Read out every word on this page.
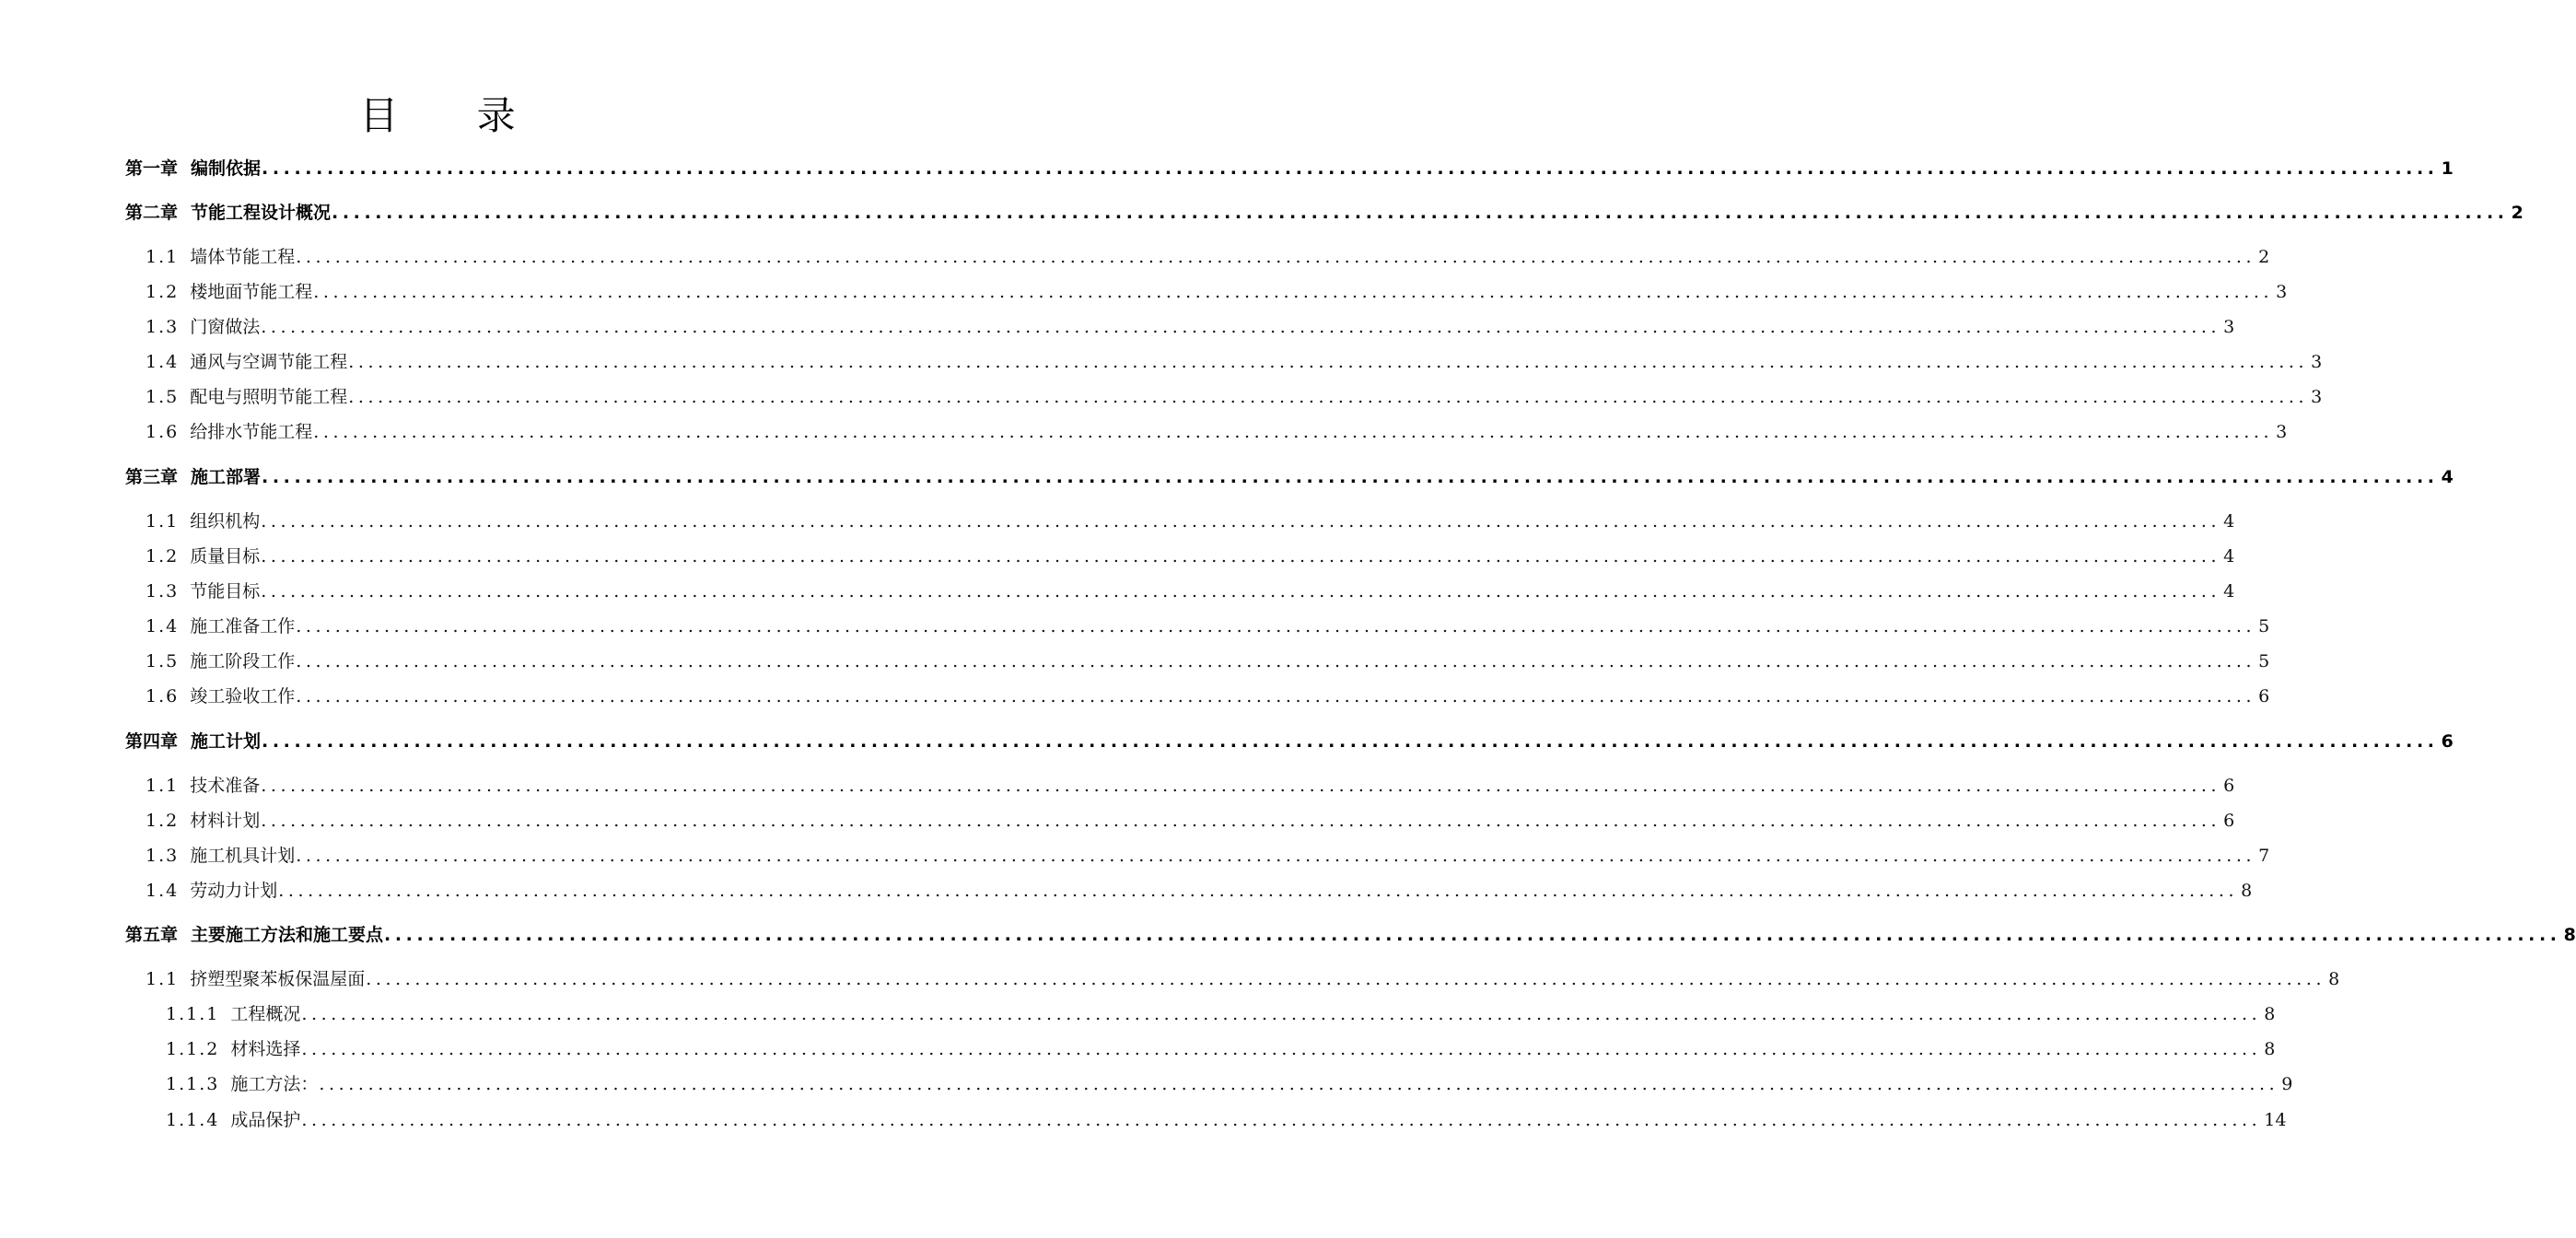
目 录
第一章 编制依据 ........................................................................................................................................................................................................ 1
第二章 节能工程设计概况 ........................................................................................................................................................................................................ 2
1.1 墙体节能工程 ........................................................................................................................................................................................................ 2
1.2 楼地面节能工程 ........................................................................................................................................................................................................ 3
1.3 门窗做法 ........................................................................................................................................................................................................ 3
1.4 通风与空调节能工程 ........................................................................................................................................................................................................ 3
1.5 配电与照明节能工程 ........................................................................................................................................................................................................ 3
1.6 给排水节能工程 ........................................................................................................................................................................................................ 3
第三章 施工部署 ........................................................................................................................................................................................................ 4
1.1 组织机构 ........................................................................................................................................................................................................ 4
1.2 质量目标 ........................................................................................................................................................................................................ 4
1.3 节能目标 ........................................................................................................................................................................................................ 4
1.4 施工准备工作 ........................................................................................................................................................................................................ 5
1.5 施工阶段工作 ........................................................................................................................................................................................................ 5
1.6 竣工验收工作 ........................................................................................................................................................................................................ 6
第四章 施工计划 ........................................................................................................................................................................................................ 6
1.1 技术准备 ........................................................................................................................................................................................................ 6
1.2 材料计划 ........................................................................................................................................................................................................ 6
1.3 施工机具计划 ........................................................................................................................................................................................................ 7
1.4 劳动力计划 ........................................................................................................................................................................................................ 8
第五章 主要施工方法和施工要点 ........................................................................................................................................................................................................ 8
1.1 挤塑型聚苯板保温屋面 ........................................................................................................................................................................................................ 8
1.1.1 工程概况 ........................................................................................................................................................................................................ 8
1.1.2 材料选择 ........................................................................................................................................................................................................ 8
1.1.3 施工方法： ........................................................................................................................................................................................................ 9
1.1.4 成品保护 ........................................................................................................................................................................................................ 14
